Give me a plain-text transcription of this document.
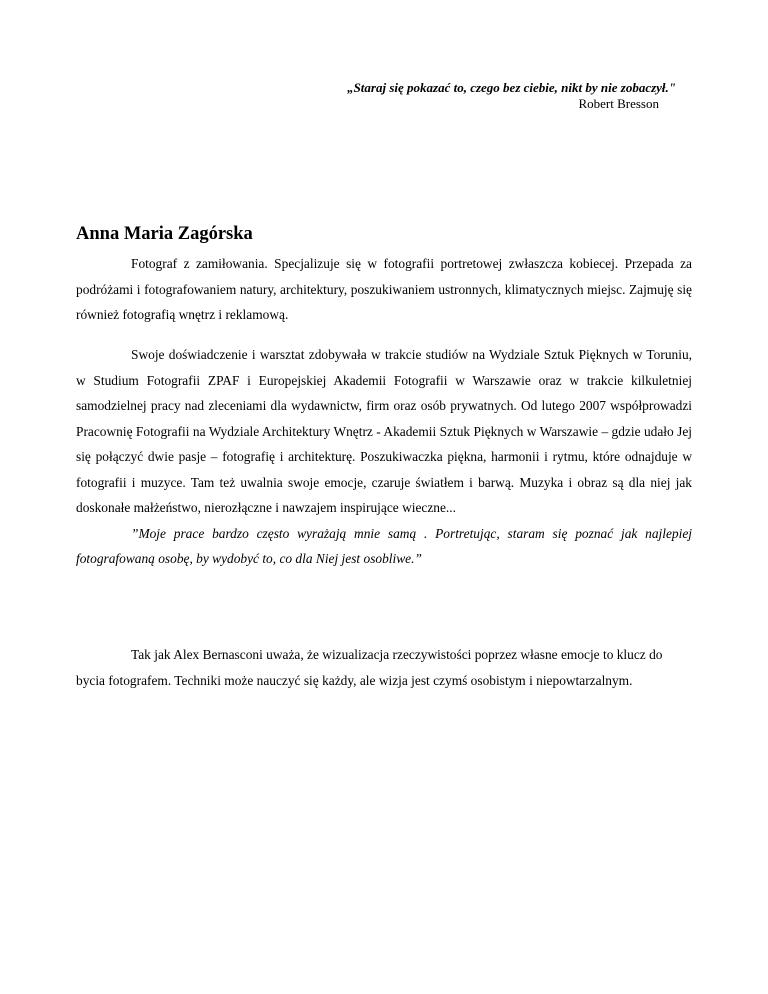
„Staraj się pokazać to, czego bez ciebie, nikt by nie zobaczył."
Robert Bresson
Anna Maria Zagórska

Fotograf z zamiłowania. Specjalizuje się w fotografii portretowej zwłaszcza kobiecej. Przepada za podróżami i fotografowaniem natury, architektury, poszukiwaniem ustronnych, klimatycznych miejsc. Zajmuję się również fotografią wnętrz i reklamową.

Swoje doświadczenie i warsztat zdobywała w trakcie studiów na Wydziale Sztuk Pięknych w Toruniu, w Studium Fotografii ZPAF i Europejskiej Akademii Fotografii w Warszawie oraz w trakcie kilkuletniej samodzielnej pracy nad zleceniami dla wydawnictw, firm oraz osób prywatnych. Od lutego 2007 współprowadzi Pracownię Fotografii na Wydziale Architektury Wnętrz - Akademii Sztuk Pięknych w Warszawie – gdzie udało Jej się połączyć dwie pasje – fotografię i architekturę. Poszukiwaczka piękna, harmonii i rytmu, które odnajduje w fotografii i muzyce. Tam też uwalnia swoje emocje, czaruje światłem i barwą. Muzyka i obraz są dla niej jak doskonałe małżeństwo, nierozłączne i nawzajem inspirujące wieczne...

”Moje prace bardzo często wyrażają mnie samą . Portretując, staram się poznać jak najlepiej fotografowaną osobę, by wydobyć to, co dla Niej jest osobliwe.”

Tak jak Alex Bernasconi uważa, że wizualizacja rzeczywistości poprzez własne emocje to klucz do bycia fotografem. Techniki może nauczyć się każdy, ale wizja jest czymś osobistym i niepowtarzalnym.
